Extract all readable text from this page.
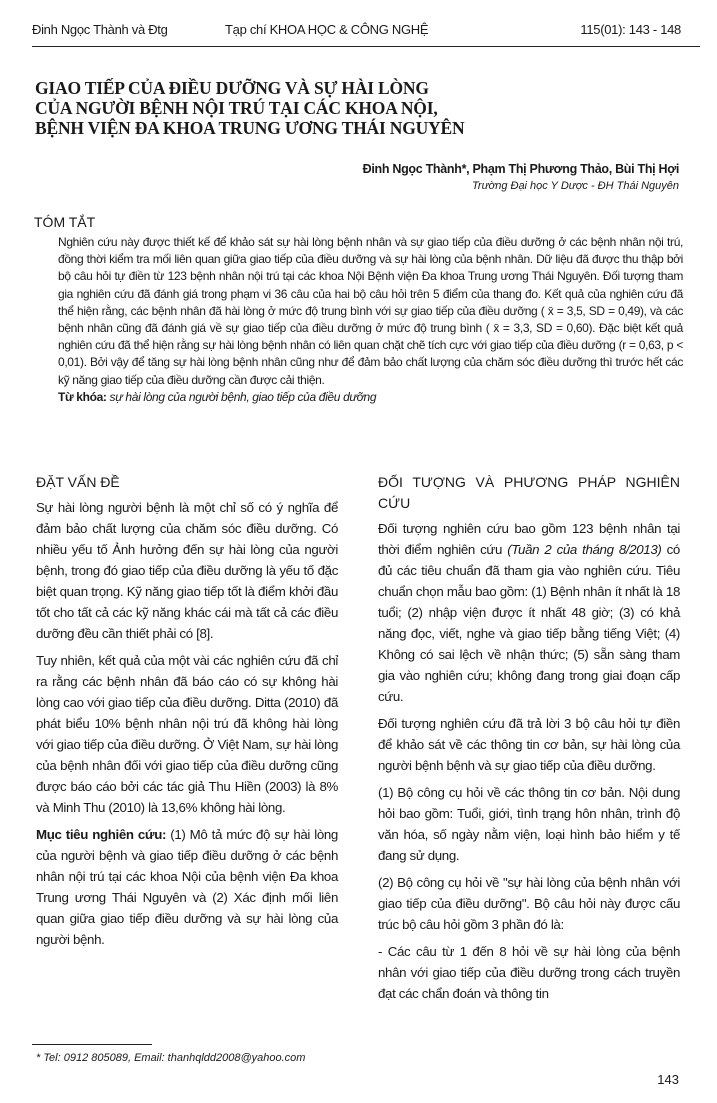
Đinh Ngọc Thành và Đtg	Tạp chí KHOA HỌC & CÔNG NGHỆ	115(01): 143 - 148
GIAO TIẾP CỦA ĐIỀU DƯỠNG VÀ SỰ HÀI LÒNG
CỦA NGƯỜI BỆNH NỘI TRÚ TẠI CÁC KHOA NỘI,
BỆNH VIỆN ĐA KHOA TRUNG ƯƠNG THÁI NGUYÊN
Đinh Ngọc Thành*, Phạm Thị Phương Thảo, Bùi Thị Hợi
Trường Đại học Y Dược - ĐH Thái Nguyên
TÓM TẮT
Nghiên cứu này được thiết kế để khảo sát sự hài lòng bệnh nhân và sự giao tiếp của điều dưỡng ở các bệnh nhân nội trú, đồng thời kiểm tra mối liên quan giữa giao tiếp của điều dưỡng và sự hài lòng của bệnh nhân. Dữ liệu đã được thu thập bởi bộ câu hỏi tự điền từ 123 bệnh nhân nội trú tại các khoa Nội Bệnh viện Đa khoa Trung ương Thái Nguyên. Đối tượng tham gia nghiên cứu đã đánh giá trong phạm vi 36 câu của hai bộ câu hỏi trên 5 điểm của thang đo. Kết quả của nghiên cứu đã thể hiện rằng, các bệnh nhân đã hài lòng ở mức độ trung bình với sự giao tiếp của điều dưỡng ( x̄ = 3,5, SD = 0,49), và các bệnh nhân cũng đã đánh giá về sự giao tiếp của điều dưỡng ở mức độ trung bình ( x̄ = 3,3, SD = 0,60). Đặc biệt kết quả nghiên cứu đã thể hiện rằng sự hài lòng bệnh nhân có liên quan chặt chẽ tích cực với giao tiếp của điều dưỡng (r = 0,63, p < 0,01). Bởi vậy để tăng sự hài lòng bệnh nhân cũng như để đảm bảo chất lượng của chăm sóc điều dưỡng thì trước hết các kỹ năng giao tiếp của điều dưỡng cần được cải thiện.
Từ khóa: sự hài lòng của người bệnh, giao tiếp của điều dưỡng

ĐẶT VẤN ĐỀ

Sự hài lòng người bệnh là một chỉ số có ý nghĩa để đảm bảo chất lượng của chăm sóc điều dưỡng. Có nhiều yếu tố Ảnh hưởng đến sự hài lòng của người bệnh, trong đó giao tiếp của điều dưỡng là yếu tố đặc biệt quan trọng. Kỹ năng giao tiếp tốt là điểm khởi đầu tốt cho tất cả các kỹ năng khác cái mà tất cả các điều dưỡng đều cần thiết phải có [8].

Tuy nhiên, kết quả của một vài các nghiên cứu đã chỉ ra rằng các bệnh nhân đã báo cáo có sự không hài lòng cao với giao tiếp của điều dưỡng. Ditta (2010) đã phát biểu 10% bệnh nhân nội trú đã không hài lòng với giao tiếp của điều dưỡng. Ở Việt Nam, sự hài lòng của bệnh nhân đối với giao tiếp của điều dưỡng cũng được báo cáo bởi các tác giả Thu Hiền (2003) là 8% và Minh Thu (2010) là 13,6% không hài lòng.

Mục tiêu nghiên cứu: (1) Mô tả mức độ sự hài lòng của người bệnh và giao tiếp điều dưỡng ở các bệnh nhân nội trú tại các khoa Nội của bệnh viện Đa khoa Trung ương Thái Nguyên và (2) Xác định mối liên quan giữa giao tiếp điều dưỡng và sự hài lòng của người bệnh.

ĐỐI TƯỢNG VÀ PHƯƠNG PHÁP NGHIÊN CỨU

Đối tượng nghiên cứu bao gồm 123 bệnh nhân tại thời điểm nghiên cứu (Tuần 2 của tháng 8/2013) có đủ các tiêu chuẩn đã tham gia vào nghiên cứu. Tiêu chuẩn chọn mẫu bao gồm: (1) Bệnh nhân ít nhất là 18 tuổi; (2) nhập viện được ít nhất 48 giờ; (3) có khả năng đọc, viết, nghe và giao tiếp bằng tiếng Việt; (4) Không có sai lệch về nhận thức; (5) sẵn sàng tham gia vào nghiên cứu; không đang trong giai đoạn cấp cứu.

Đối tượng nghiên cứu đã trả lời 3 bộ câu hỏi tự điền để khảo sát về các thông tin cơ bản, sự hài lòng của người bệnh bệnh và sự giao tiếp của điều dưỡng.

(1) Bộ công cụ hỏi về các thông tin cơ bản. Nội dung hỏi bao gồm: Tuổi, giới, tình trạng hôn nhân, trình độ văn hóa, số ngày nằm viện, loại hình bảo hiểm y tế đang sử dụng.

(2) Bộ công cụ hỏi về "sự hài lòng của bệnh nhân với giao tiếp của điều dưỡng". Bộ câu hỏi này được cấu trúc bộ câu hỏi gồm 3 phần đó là:

- Các câu từ 1 đến 8 hỏi về sự hài lòng của bệnh nhân với giao tiếp của điều dưỡng trong cách truyền đạt các chẩn đoán và thông tin

* Tel: 0912 805089, Email: thanhqldd2008@yahoo.com
143
